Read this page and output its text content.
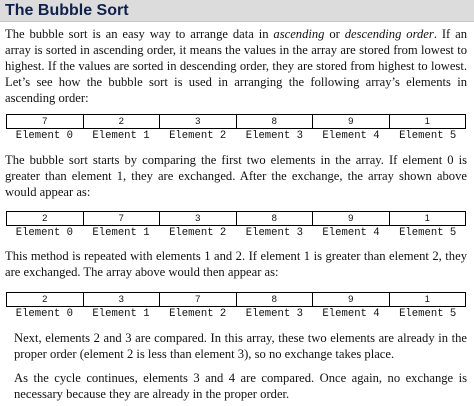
The Bubble Sort

The bubble sort is an easy way to arrange data in ascending or descending order. If an array is sorted in ascending order, it means the values in the array are stored from lowest to highest. If the values are sorted in descending order, they are stored from highest to lowest. Let’s see how the bubble sort is used in arranging the following array’s elements in ascending order:

7	2	3	8	9	1
Element 0	Element 1	Element 2	Element 3	Element 4	Element 5

The bubble sort starts by comparing the first two elements in the array. If element 0 is greater than element 1, they are exchanged. After the exchange, the array shown above would appear as:

2	7	3	8	9	1
Element 0	Element 1	Element 2	Element 3	Element 4	Element 5

This method is repeated with elements 1 and 2. If element 1 is greater than element 2, they are exchanged. The array above would then appear as:

2	3	7	8	9	1
Element 0	Element 1	Element 2	Element 3	Element 4	Element 5

Next, elements 2 and 3 are compared. In this array, these two elements are already in the proper order (element 2 is less than element 3), so no exchange takes place.

As the cycle continues, elements 3 and 4 are compared. Once again, no exchange is necessary because they are already in the proper order.
